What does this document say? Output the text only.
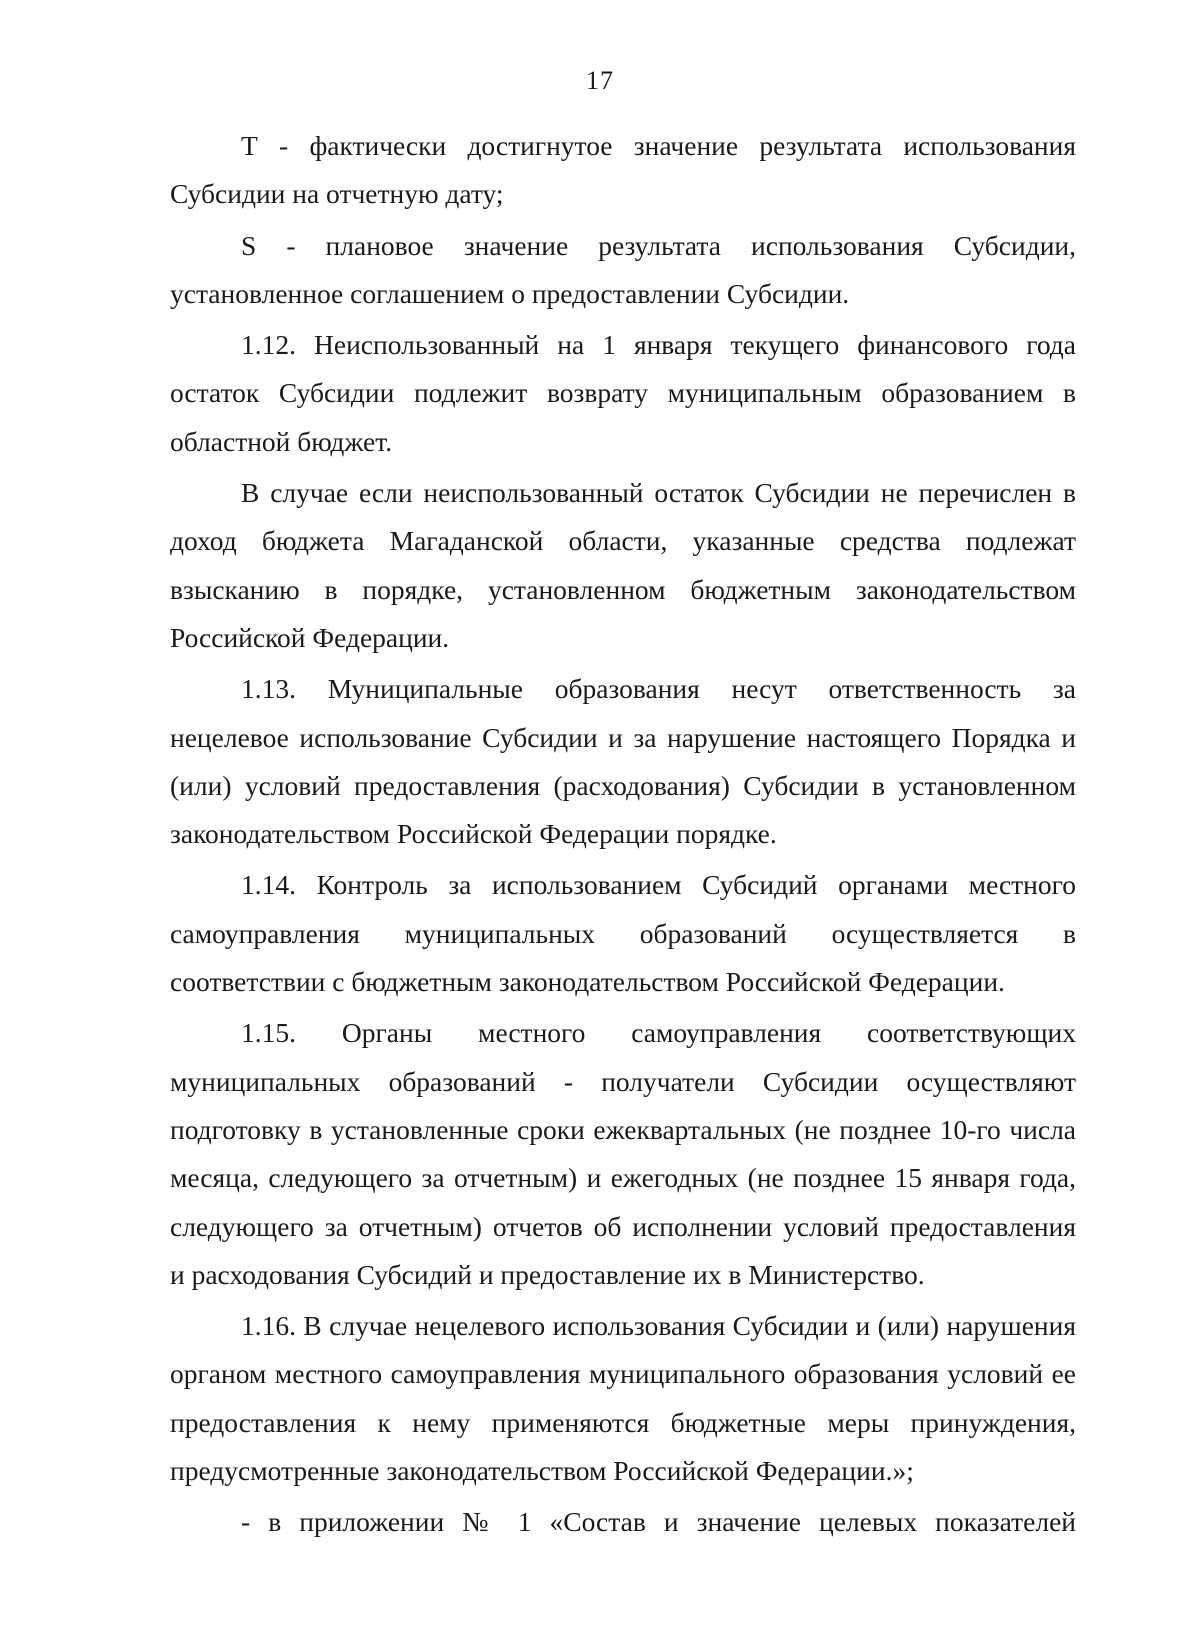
17
Т - фактически достигнутое значение результата использования
Субсидии на отчетную дату;
S - плановое значение результата использования Субсидии,
установленное соглашением о предоставлении Субсидии.
1.12. Неиспользованный на 1 января текущего финансового года
остаток Субсидии подлежит возврату муниципальным образованием в
областной бюджет.
В случае если неиспользованный остаток Субсидии не перечислен в
доход бюджета Магаданской области, указанные средства подлежат
взысканию в порядке, установленном бюджетным законодательством
Российской Федерации.
1.13. Муниципальные образования несут ответственность за
нецелевое использование Субсидии и за нарушение настоящего Порядка и
(или) условий предоставления (расходования) Субсидии в установленном
законодательством Российской Федерации порядке.
1.14. Контроль за использованием Субсидий органами местного
самоуправления муниципальных образований осуществляется в
соответствии с бюджетным законодательством Российской Федерации.
1.15. Органы местного самоуправления соответствующих
муниципальных образований - получатели Субсидии осуществляют
подготовку в установленные сроки ежеквартальных (не позднее 10-го числа
месяца, следующего за отчетным) и ежегодных (не позднее 15 января года,
следующего за отчетным) отчетов об исполнении условий предоставления
и расходования Субсидий и предоставление их в Министерство.
1.16. В случае нецелевого использования Субсидии и (или) нарушения
органом местного самоуправления муниципального образования условий ее
предоставления к нему применяются бюджетные меры принуждения,
предусмотренные законодательством Российской Федерации.»;
- в приложении № 1 «Состав и значение целевых показателей
